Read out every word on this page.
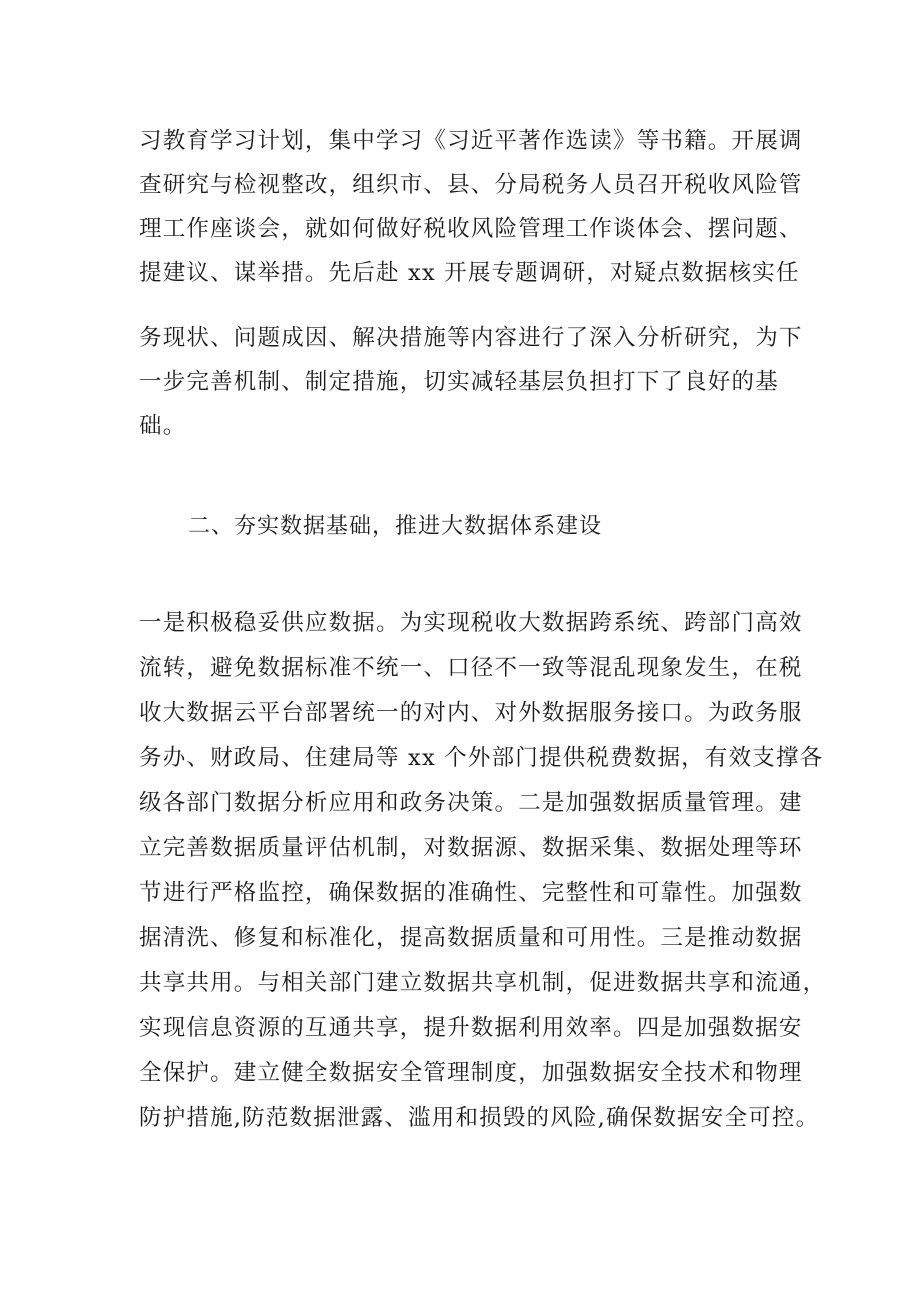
习教育学习计划，集中学习《习近平著作选读》等书籍。开展调
查研究与检视整改，组织市、县、分局税务人员召开税收风险管
理工作座谈会，就如何做好税收风险管理工作谈体会、摆问题、
提建议、谋举措。先后赴 xx 开展专题调研，对疑点数据核实任
务现状、问题成因、解决措施等内容进行了深入分析研究，为下
一步完善机制、制定措施，切实减轻基层负担打下了良好的基
础。
二、夯实数据基础，推进大数据体系建设
一是积极稳妥供应数据。为实现税收大数据跨系统、跨部门高效
流转，避免数据标准不统一、口径不一致等混乱现象发生，在税
收大数据云平台部署统一的对内、对外数据服务接口。为政务服
务办、财政局、住建局等 xx 个外部门提供税费数据，有效支撑各
级各部门数据分析应用和政务决策。二是加强数据质量管理。建
立完善数据质量评估机制，对数据源、数据采集、数据处理等环
节进行严格监控，确保数据的准确性、完整性和可靠性。加强数
据清洗、修复和标准化，提高数据质量和可用性。三是推动数据
共享共用。与相关部门建立数据共享机制，促进数据共享和流通，
实现信息资源的互通共享，提升数据利用效率。四是加强数据安
全保护。建立健全数据安全管理制度，加强数据安全技术和物理
防护措施,防范数据泄露、滥用和损毁的风险,确保数据安全可控。
